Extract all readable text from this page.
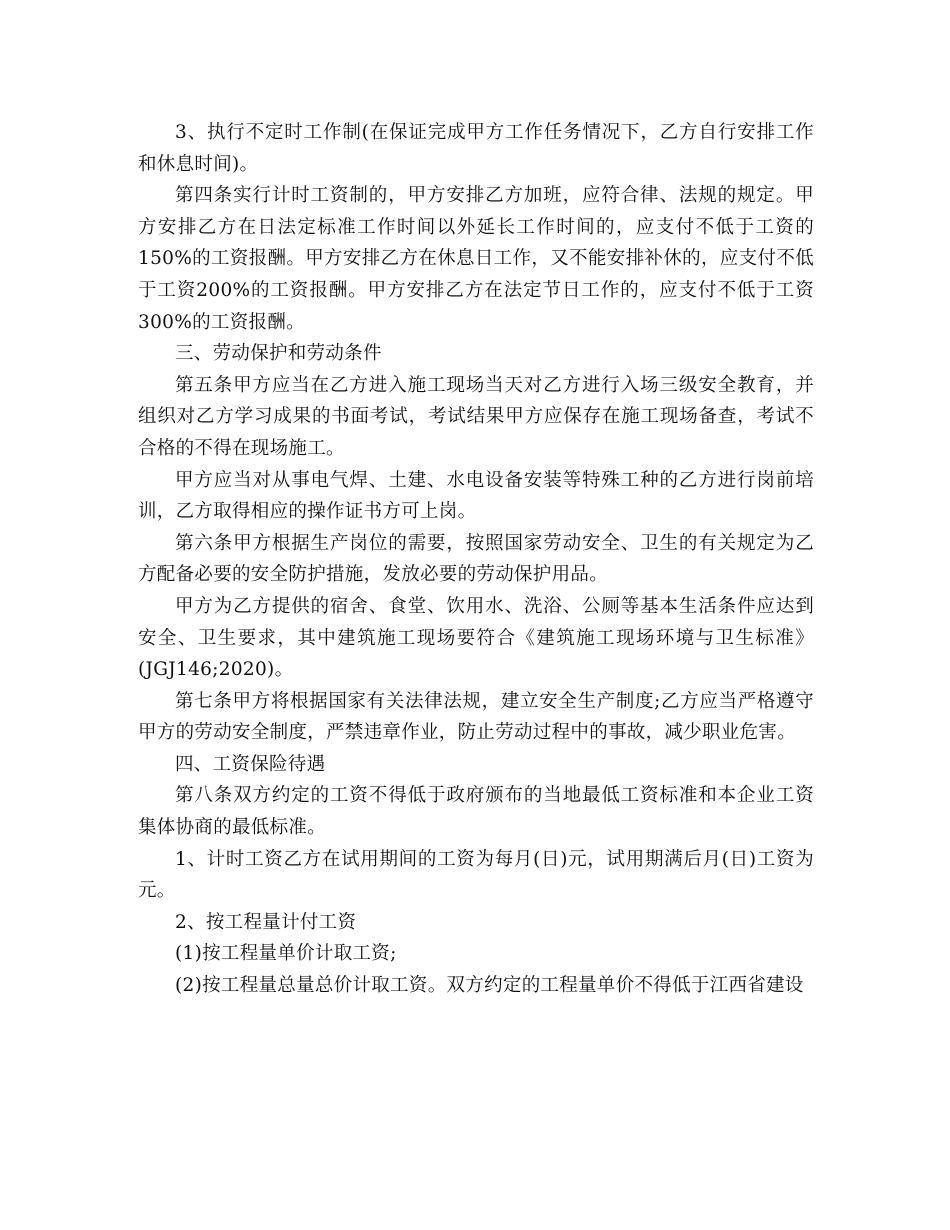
3、执行不定时工作制(在保证完成甲方工作任务情况下，乙方自行安排工作和休息时间)。

第四条实行计时工资制的，甲方安排乙方加班，应符合律、法规的规定。甲方安排乙方在日法定标准工作时间以外延长工作时间的，应支付不低于工资的 150%的工资报酬。甲方安排乙方在休息日工作，又不能安排补休的，应支付不低于工资200%的工资报酬。甲方安排乙方在法定节日工作的，应支付不低于工资 300%的工资报酬。

三、劳动保护和劳动条件

第五条甲方应当在乙方进入施工现场当天对乙方进行入场三级安全教育，并组织对乙方学习成果的书面考试，考试结果甲方应保存在施工现场备查，考试不合格的不得在现场施工。

甲方应当对从事电气焊、土建、水电设备安装等特殊工种的乙方进行岗前培训，乙方取得相应的操作证书方可上岗。

第六条甲方根据生产岗位的需要，按照国家劳动安全、卫生的有关规定为乙方配备必要的安全防护措施，发放必要的劳动保护用品。

甲方为乙方提供的宿舍、食堂、饮用水、洗浴、公厕等基本生活条件应达到安全、卫生要求，其中建筑施工现场要符合《建筑施工现场环境与卫生标准》(JGJ146;2020)。

第七条甲方将根据国家有关法律法规，建立安全生产制度;乙方应当严格遵守甲方的劳动安全制度，严禁违章作业，防止劳动过程中的事故，减少职业危害。

四、工资保险待遇

第八条双方约定的工资不得低于政府颁布的当地最低工资标准和本企业工资集体协商的最低标准。

1、计时工资乙方在试用期间的工资为每月(日)元，试用期满后月(日)工资为元。

2、按工程量计付工资

(1)按工程量单价计取工资;

(2)按工程量总量总价计取工资。双方约定的工程量单价不得低于江西省建设
